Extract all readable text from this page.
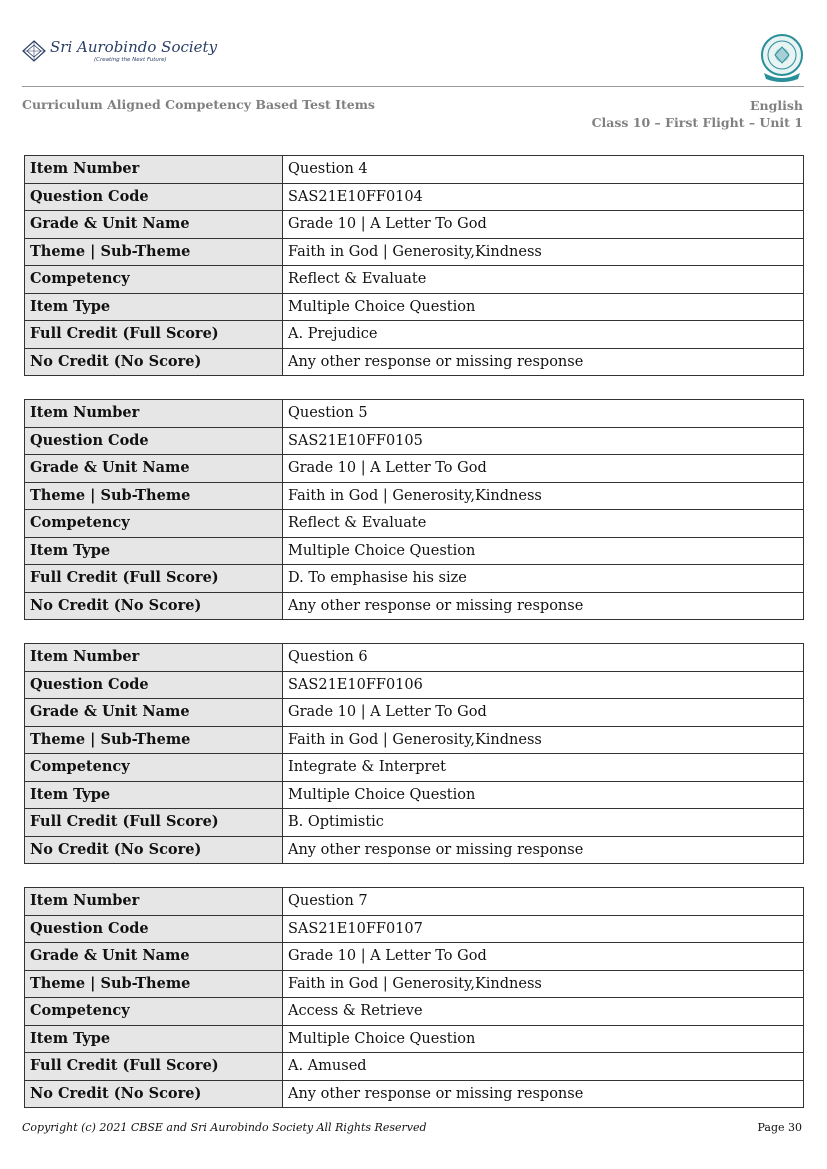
Sri Aurobindo Society
(Creating the Next Future)
Curriculum Aligned Competency Based Test Items	English
Class 10 – First Flight – Unit 1
Item Number	Question 4
Question Code	SAS21E10FF0104
Grade & Unit Name	Grade 10 | A Letter To God
Theme | Sub-Theme	Faith in God | Generosity,Kindness
Competency	Reflect & Evaluate
Item Type	Multiple Choice Question
Full Credit (Full Score)	A. Prejudice
No Credit (No Score)	Any other response or missing response
Item Number	Question 5
Question Code	SAS21E10FF0105
Grade & Unit Name	Grade 10 | A Letter To God
Theme | Sub-Theme	Faith in God | Generosity,Kindness
Competency	Reflect & Evaluate
Item Type	Multiple Choice Question
Full Credit (Full Score)	D. To emphasise his size
No Credit (No Score)	Any other response or missing response
Item Number	Question 6
Question Code	SAS21E10FF0106
Grade & Unit Name	Grade 10 | A Letter To God
Theme | Sub-Theme	Faith in God | Generosity,Kindness
Competency	Integrate & Interpret
Item Type	Multiple Choice Question
Full Credit (Full Score)	B. Optimistic
No Credit (No Score)	Any other response or missing response
Item Number	Question 7
Question Code	SAS21E10FF0107
Grade & Unit Name	Grade 10 | A Letter To God
Theme | Sub-Theme	Faith in God | Generosity,Kindness
Competency	Access & Retrieve
Item Type	Multiple Choice Question
Full Credit (Full Score)	A. Amused
No Credit (No Score)	Any other response or missing response
Copyright (c) 2021 CBSE and Sri Aurobindo Society All Rights Reserved	Page 30
